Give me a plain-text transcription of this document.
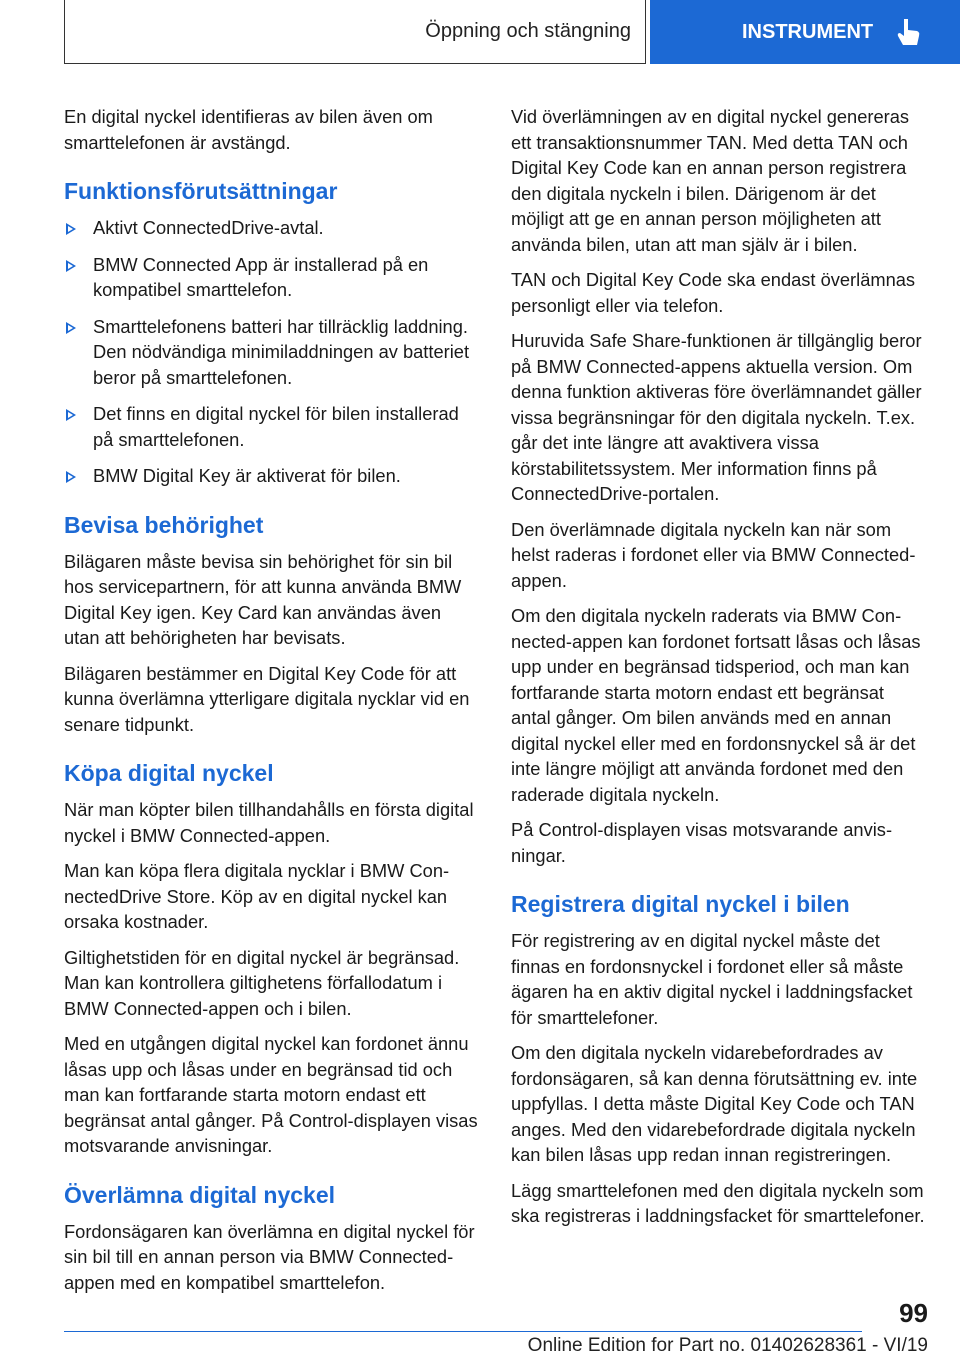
Öppning och stängning	INSTRUMENT

En digital nyckel identifieras av bilen även om smarttelefonen är avstängd.

Funktionsförutsättningar
Aktivt ConnectedDrive-avtal.
BMW Connected App är installerad på en kompatibel smarttelefon.
Smarttelefonens batteri har tillräcklig laddning. Den nödvändiga minimiladdningen av batteriet beror på smarttelefonen.
Det finns en digital nyckel för bilen installerad på smarttelefonen.
BMW Digital Key är aktiverat för bilen.
Bevisa behörighet

Bilägaren måste bevisa sin behörighet för sin bil hos servicepartnern, för att kunna använda BMW Digital Key igen. Key Card kan användas även utan att behörigheten har bevisats.

Bilägaren bestämmer en Digital Key Code för att kunna överlämna ytterligare digitala nycklar vid en senare tidpunkt.

Köpa digital nyckel

När man köpter bilen tillhandahålls en första digital nyckel i BMW Connected-appen.

Man kan köpa flera digitala nycklar i BMW ConnectedDrive Store. Köp av en digital nyckel kan orsaka kostnader.

Giltighetstiden för en digital nyckel är begränsad. Man kan kontrollera giltighetens förfallodatum i BMW Connected-appen och i bilen.

Med en utgången digital nyckel kan fordonet ännu låsas upp och låsas under en begränsad tid och man kan fortfarande starta motorn endast ett begränsat antal gånger. På Control-displayen visas motsvarande anvisningar.

Överlämna digital nyckel

Fordonsägaren kan överlämna en digital nyckel för sin bil till en annan person via BMW Connected-appen med en kompatibel smarttelefon.

Vid överlämningen av en digital nyckel genereras ett transaktionsnummer TAN. Med detta TAN och Digital Key Code kan en annan person registrera den digitala nyckeln i bilen. Därigenom är det möjligt att ge en annan person möjligheten att använda bilen, utan att man själv är i bilen.

TAN och Digital Key Code ska endast överlämnas personligt eller via telefon.

Huruvida Safe Share-funktionen är tillgänglig beror på BMW Connected-appens aktuella version. Om denna funktion aktiveras före överlämnandet gäller vissa begränsningar för den digitala nyckeln. T.ex. går det inte längre att avaktivera vissa körstabilitetssystem. Mer information finns på ConnectedDrive-portalen.

Den överlämnade digitala nyckeln kan när som helst raderas i fordonet eller via BMW Connected-appen.

Om den digitala nyckeln raderats via BMW Connected-appen kan fordonet fortsatt låsas och låsas upp under en begränsad tidsperiod, och man kan fortfarande starta motorn endast ett begränsat antal gånger. Om bilen används med en annan digital nyckel eller med en fordonsnyckel så är det inte längre möjligt att använda fordonet med den raderade digitala nyckeln.

På Control-displayen visas motsvarande anvisningar.

Registrera digital nyckel i bilen

För registrering av en digital nyckel måste det finnas en fordonsnyckel i fordonet eller så måste ägaren ha en aktiv digital nyckel i laddningsfacket för smarttelefoner.

Om den digitala nyckeln vidarebefordrades av fordonsägaren, så kan denna förutsättning ev. inte uppfyllas. I detta måste Digital Key Code och TAN anges. Med den vidarebefordrade digitala nyckeln kan bilen låsas upp redan innan registreringen.

Lägg smarttelefonen med den digitala nyckeln som ska registreras i laddningsfacket för smarttelefoner.

99
Online Edition for Part no. 01402628361 - VI/19
